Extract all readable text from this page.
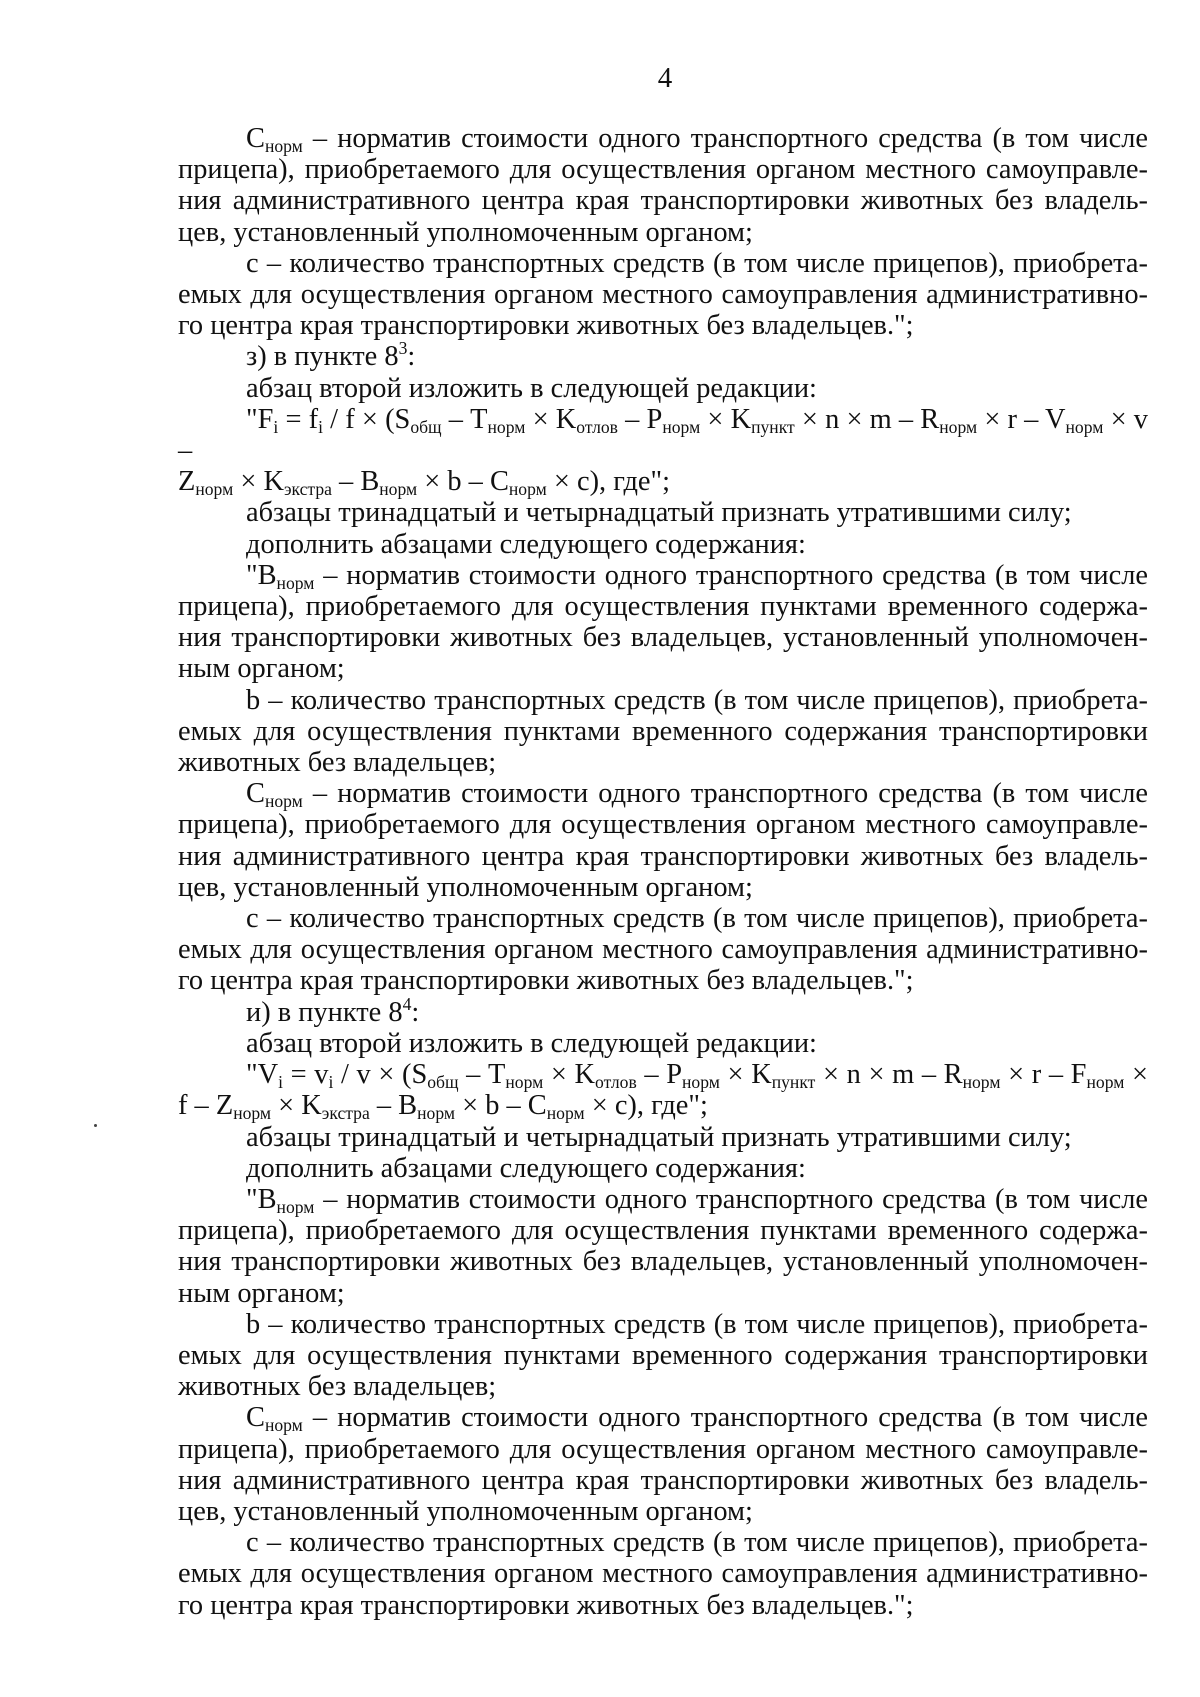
4

$C_{норм}$ – норматив стоимости одного транспортного средства (в том числе прицепа), приобретаемого для осуществления органом местного самоуправления административного центра края транспортировки животных без владельцев, установленный уполномоченным органом;

c – количество транспортных средств (в том числе прицепов), приобретаемых для осуществления органом местного самоуправления административного центра края транспортировки животных без владельцев.";

з) в пункте $8^3$:

абзац второй изложить в следующей редакции:

"$F_i = f_i / f \times (S_{общ} - T_{норм} \times K_{отлов} - P_{норм} \times K_{пункт} \times n \times m - R_{норм} \times r - V_{норм} \times v$ –
$Z_{норм} \times K_{экстра} - B_{норм} \times b - C_{норм} \times c$), где";

абзацы тринадцатый и четырнадцатый признать утратившими силу;

дополнить абзацами следующего содержания:

"$B_{норм}$ – норматив стоимости одного транспортного средства (в том числе прицепа), приобретаемого для осуществления пунктами временного содержания транспортировки животных без владельцев, установленный уполномоченным органом;

b – количество транспортных средств (в том числе прицепов), приобретаемых для осуществления пунктами временного содержания транспортировки животных без владельцев;

$C_{норм}$ – норматив стоимости одного транспортного средства (в том числе прицепа), приобретаемого для осуществления органом местного самоуправления административного центра края транспортировки животных без владельцев, установленный уполномоченным органом;

c – количество транспортных средств (в том числе прицепов), приобретаемых для осуществления органом местного самоуправления административного центра края транспортировки животных без владельцев.";

и) в пункте $8^4$:

абзац второй изложить в следующей редакции:

"$V_i = v_i / v \times (S_{общ} - T_{норм} \times K_{отлов} - P_{норм} \times K_{пункт} \times n \times m - R_{норм} \times r - F_{норм}$ ×
$f - Z_{норм} \times K_{экстра} - B_{норм} \times b - C_{норм} \times c$), где";

абзацы тринадцатый и четырнадцатый признать утратившими силу;

дополнить абзацами следующего содержания:

"$B_{норм}$ – норматив стоимости одного транспортного средства (в том числе прицепа), приобретаемого для осуществления пунктами временного содержания транспортировки животных без владельцев, установленный уполномоченным органом;

b – количество транспортных средств (в том числе прицепов), приобретаемых для осуществления пунктами временного содержания транспортировки животных без владельцев;

$C_{норм}$ – норматив стоимости одного транспортного средства (в том числе прицепа), приобретаемого для осуществления органом местного самоуправления административного центра края транспортировки животных без владельцев, установленный уполномоченным органом;

c – количество транспортных средств (в том числе прицепов), приобретаемых для осуществления органом местного самоуправления административного центра края транспортировки животных без владельцев.";
